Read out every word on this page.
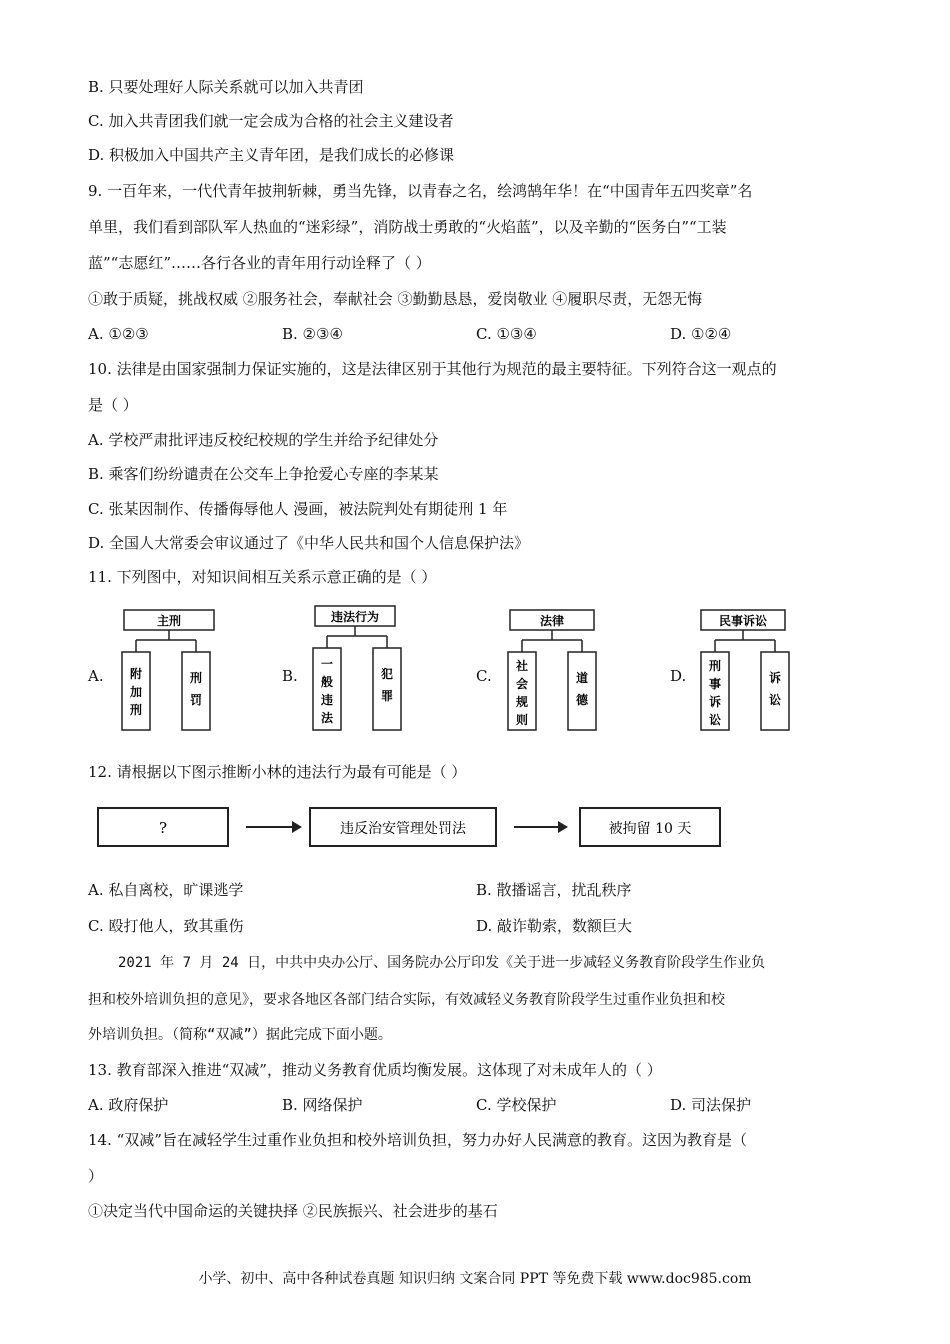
B. 只要处理好人际关系就可以加入共青团
C. 加入共青团我们就一定会成为合格的社会主义建设者
D. 积极加入中国共产主义青年团，是我们成长的必修课
9. 一百年来，一代代青年披荆斩棘，勇当先锋，以青春之名，绘鸿鹄年华！在“中国青年五四奖章”名
单里，我们看到部队军人热血的“迷彩绿”，消防战士勇敢的“火焰蓝”，以及辛勤的“医务白”“工装
蓝”“志愿红”……各行各业的青年用行动诠释了（ ）
①敢于质疑，挑战权威 ②服务社会，奉献社会 ③勤勤恳恳，爱岗敬业 ④履职尽责，无怨无悔
A. ①②③	B. ②③④	C. ①③④	D. ①②④
10. 法律是由国家强制力保证实施的，这是法律区别于其他行为规范的最主要特征。下列符合这一观点的
是（ ）
A. 学校严肃批评违反校纪校规的学生并给予纪律处分
B. 乘客们纷纷谴责在公交车上争抢爱心专座的李某某
C. 张某因制作、传播侮辱他人 漫画，被法院判处有期徒刑 1 年
D. 全国人大常委会审议通过了《中华人民共和国个人信息保护法》
11. 下列图中，对知识间相互关系示意正确的是（ ）
A.
主刑
附
加
刑
刑
罚
B.
违法行为
一
般
违
法
犯
罪
C.
法律
社
会
规
则
道
德
D.
民事诉讼
刑
事
诉
讼
诉
讼
12. 请根据以下图示推断小林的违法行为最有可能是（ ）
?	违反治安管理处罚法	被拘留 10 天
A. 私自离校，旷课逃学	B. 散播谣言，扰乱秩序
C. 殴打他人，致其重伤	D. 敲诈勒索，数额巨大
2021 年 7 月 24 日，中共中央办公厅、国务院办公厅印发《关于进一步减轻义务教育阶段学生作业负
担和校外培训负担的意见》，要求各地区各部门结合实际，有效减轻义务教育阶段学生过重作业负担和校
外培训负担。（简称“双减”）据此完成下面小题。
13. 教育部深入推进“双减”，推动义务教育优质均衡发展。这体现了对未成年人的（ ）
A. 政府保护	B. 网络保护	C. 学校保护	D. 司法保护
14. “双减”旨在减轻学生过重作业负担和校外培训负担，努力办好人民满意的教育。这因为教育是（
）
①决定当代中国命运的关键抉择 ②民族振兴、社会进步的基石
小学、初中、高中各种试卷真题 知识归纳 文案合同 PPT 等免费下载 www.doc985.com
